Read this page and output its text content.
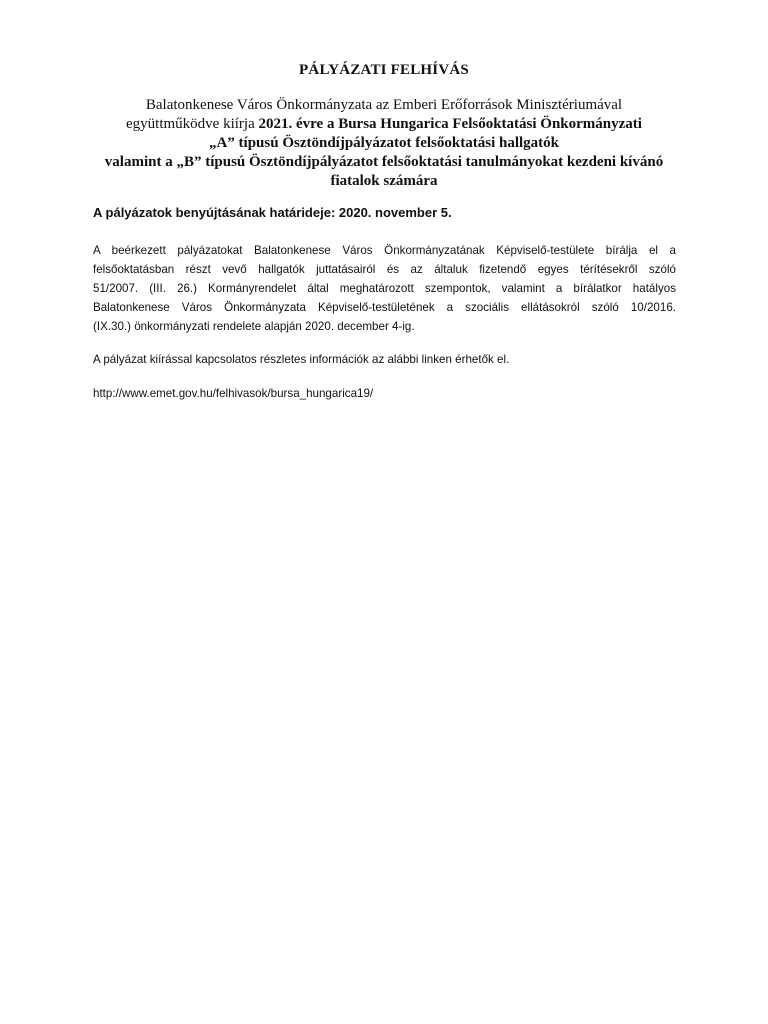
PÁLYÁZATI FELHÍVÁS
Balatonkenese Város Önkormányzata az Emberi Erőforrások Minisztériumával
együttműködve kiírja 2021. évre a Bursa Hungarica Felsőoktatási Önkormányzati
„A” típusú Ösztöndíjpályázatot felsőoktatási hallgatók
valamint a „B” típusú Ösztöndíjpályázatot felsőoktatási tanulmányokat kezdeni kívánó
fiatalok számára
A pályázatok benyújtásának határideje: 2020. november 5.
A beérkezett pályázatokat Balatonkenese Város Önkormányzatának Képviselő-testülete bírálja el a
felsőoktatásban részt vevő hallgatók juttatásairól és az általuk fizetendő egyes térítésekről szóló
51/2007. (III. 26.) Kormányrendelet által meghatározott szempontok, valamint a bírálatkor hatályos
Balatonkenese Város Önkormányzata Képviselő-testületének a szociális ellátásokról szóló 10/2016.
(IX.30.) önkormányzati rendelete alapján 2020. december 4-ig.
A pályázat kiírással kapcsolatos részletes információk az alábbi linken érhetők el.
http://www.emet.gov.hu/felhivasok/bursa_hungarica19/
